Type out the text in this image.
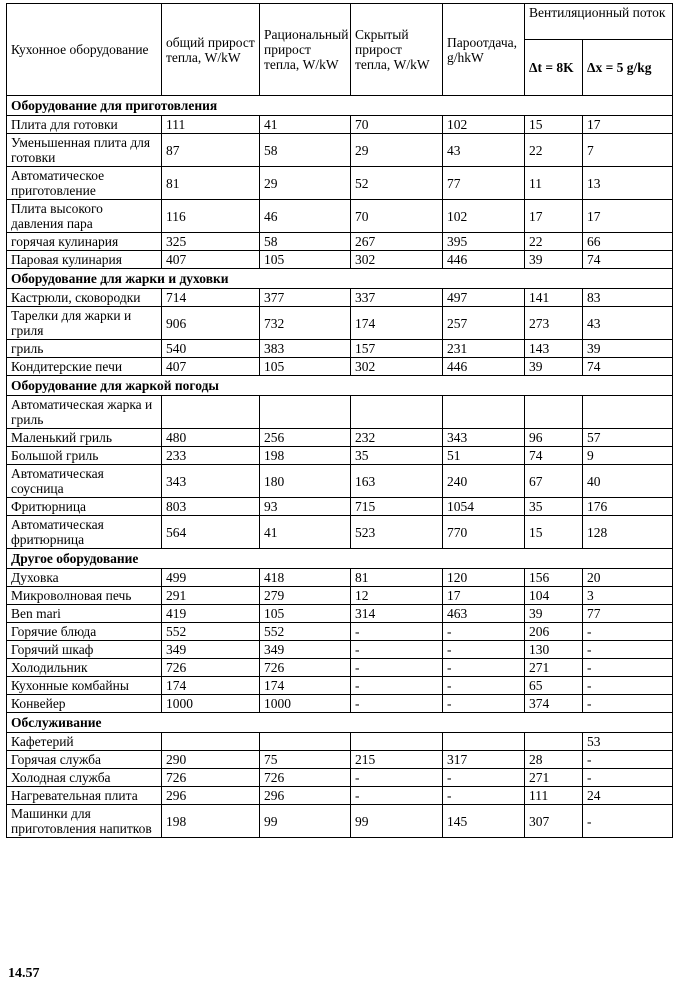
Кухонное оборудование	общий прирост тепла, W/kW	Рациональный прирост тепла, W/kW	Скрытый прирост тепла, W/kW	Пароотдача, g/hkW	Вентиляционный поток	
					Δt = 8K	Δx = 5 g/kg
Оборудование для приготовления						
Плита для готовки	111	41	70	102	15	17
Уменьшенная плита для готовки	87	58	29	43	22	7
Автоматическое приготовление	81	29	52	77	11	13
Плита высокого давления пара	116	46	70	102	17	17
горячая кулинария	325	58	267	395	22	66
Паровая кулинария	407	105	302	446	39	74
Оборудование для жарки и духовки						
Кастрюли, сковородки	714	377	337	497	141	83
Тарелки для жарки и гриля	906	732	174	257	273	43
гриль	540	383	157	231	143	39
Кондитерские печи	407	105	302	446	39	74
Оборудование для жаркой погоды						
Автоматическая жарка и гриль						
Маленький гриль	480	256	232	343	96	57
Большой гриль	233	198	35	51	74	9
Автоматическая соусница	343	180	163	240	67	40
Фритюрница	803	93	715	1054	35	176
Автоматическая фритюрница	564	41	523	770	15	128
Другое оборудование						
Духовка	499	418	81	120	156	20
Микроволновая печь	291	279	12	17	104	3
Ben mari	419	105	314	463	39	77
Горячие блюда	552	552	-	-	206	-
Горячий шкаф	349	349	-	-	130	-
Холодильник	726	726	-	-	271	-
Кухонные комбайны	174	174	-	-	65	-
Конвейер	1000	1000	-	-	374	-
Обслуживание						
Кафетерий						53
Горячая служба	290	75	215	317	28	-
Холодная служба	726	726	-	-	271	-
Нагревательная плита	296	296	-	-	111	24
Машинки для приготовления напитков	198	99	99	145	307	-
14.57
